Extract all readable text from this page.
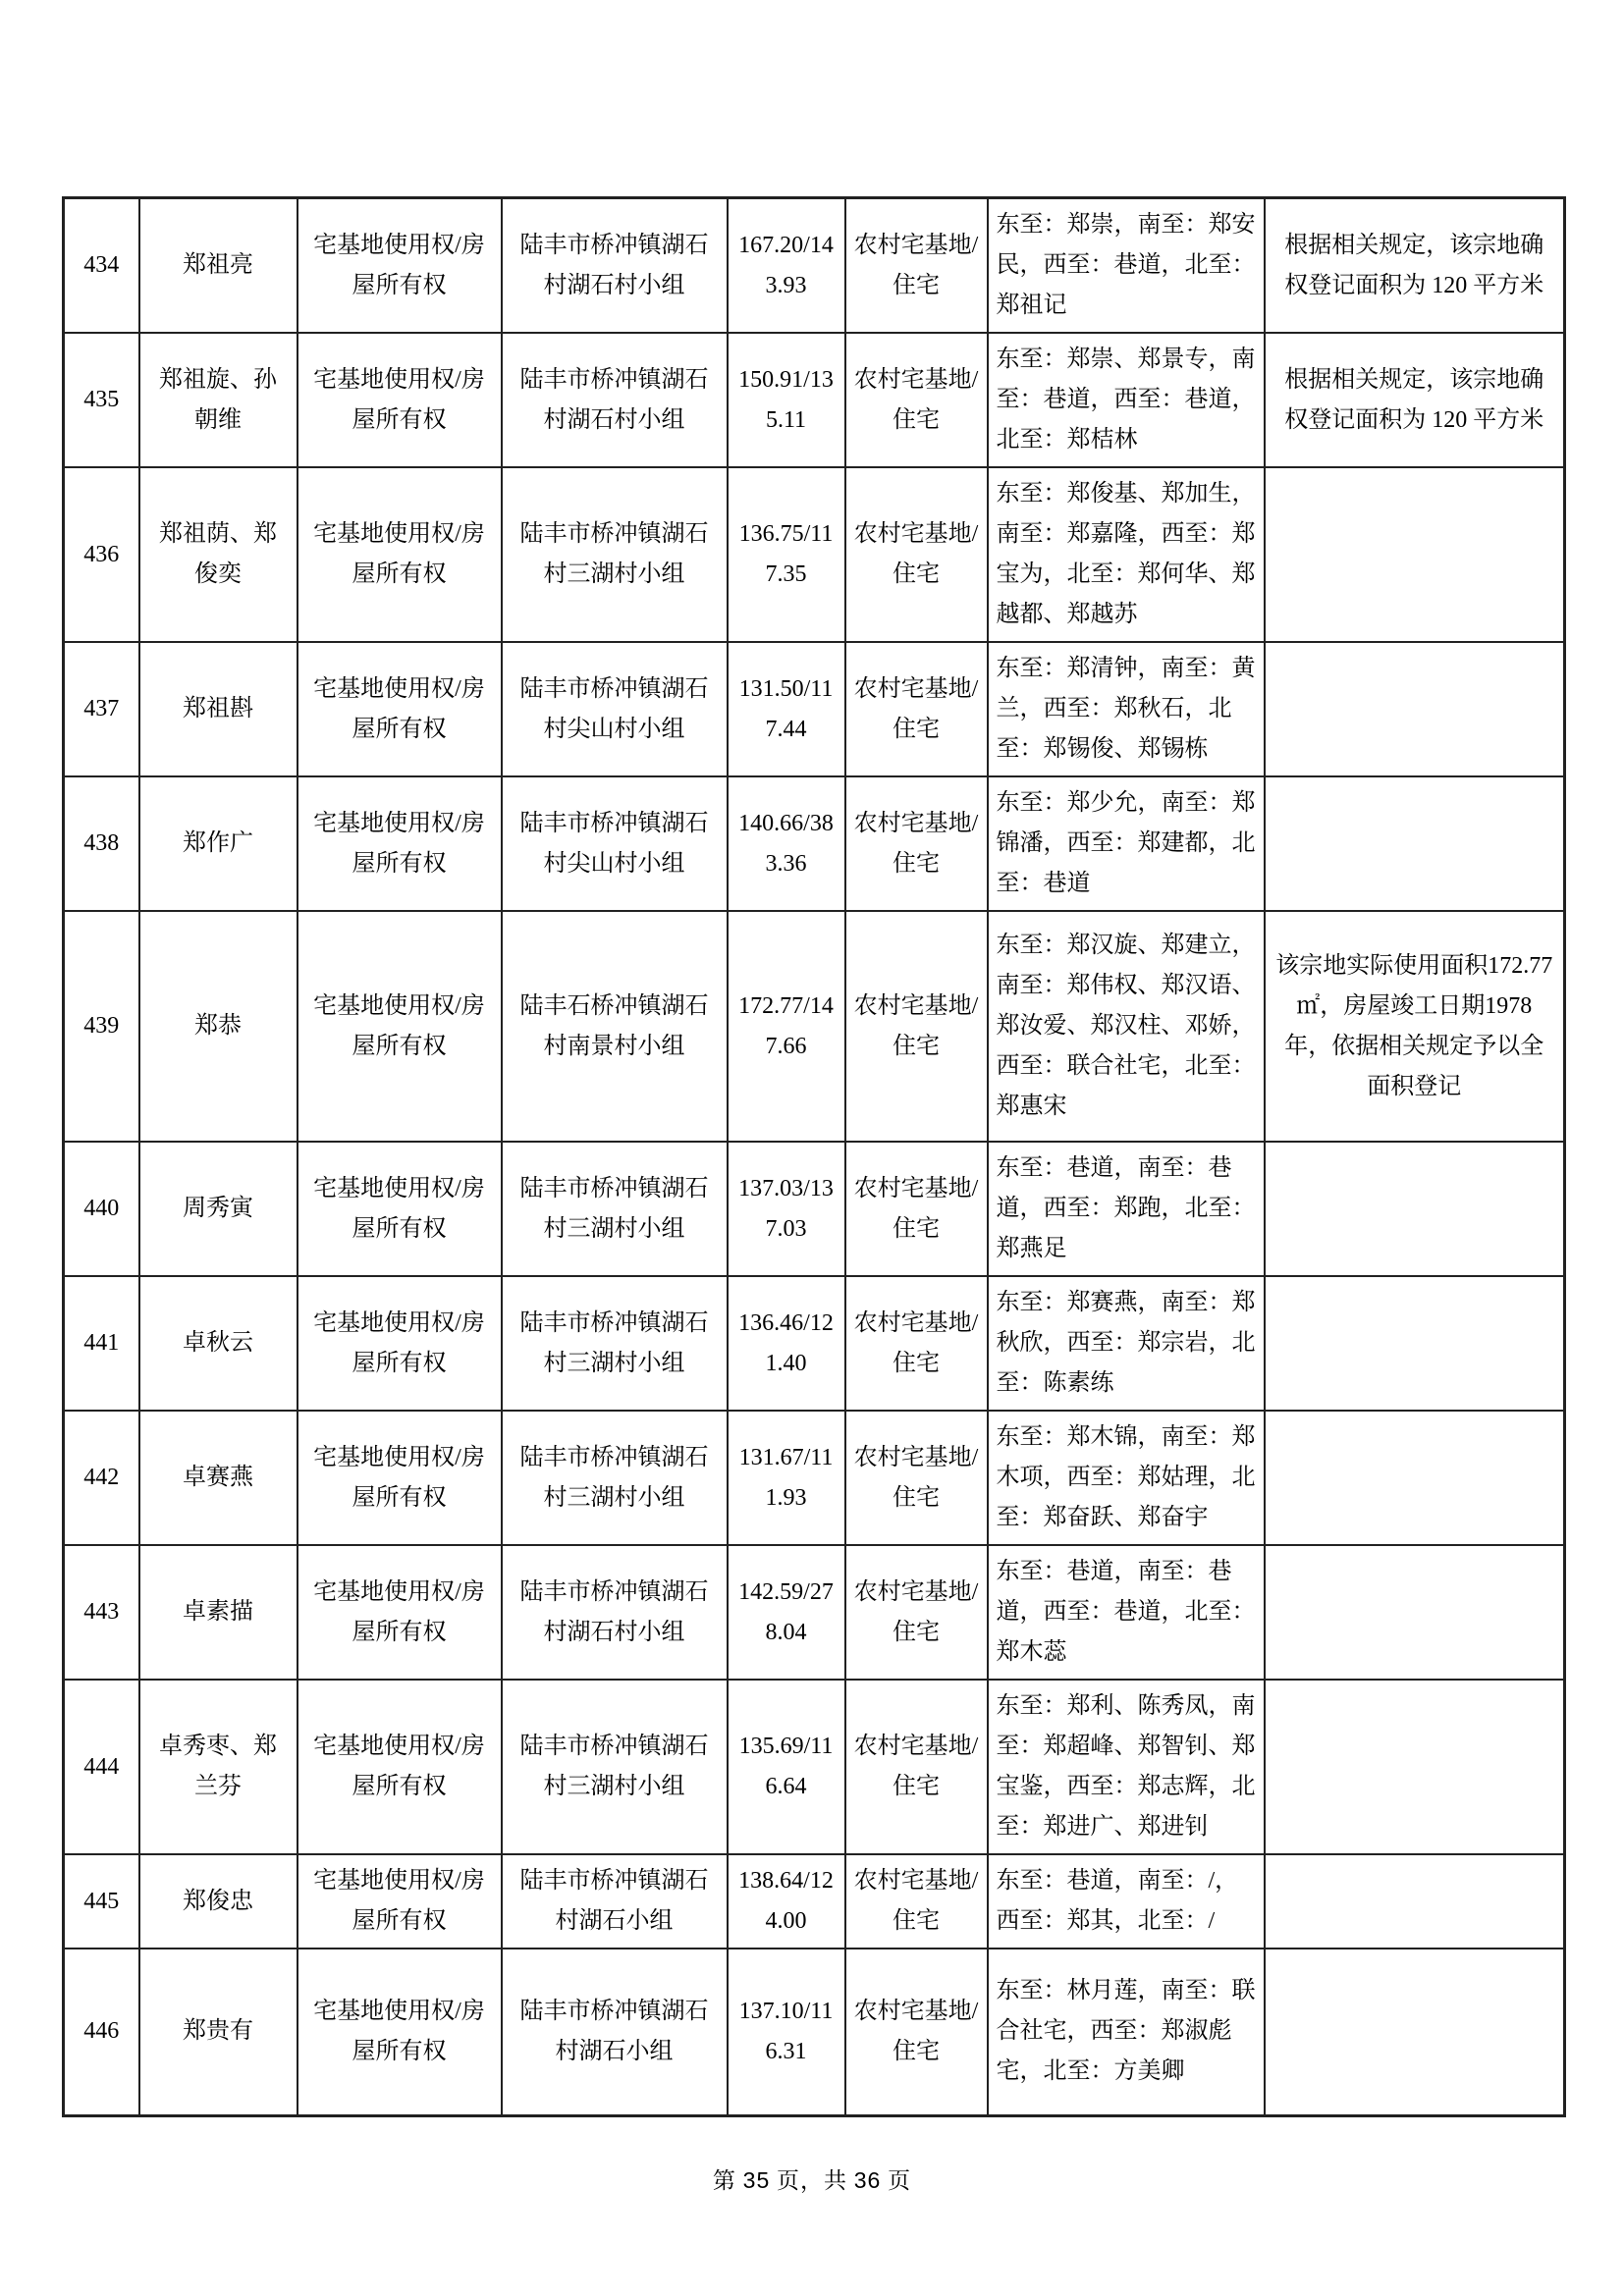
434	郑祖亮	宅基地使用权/房屋所有权	陆丰市桥冲镇湖石村湖石村小组	167.20/143.93	农村宅基地/住宅	东至：郑崇，南至：郑安民，西至：巷道，北至：郑祖记	根据相关规定，该宗地确权登记面积为 120 平方米
435	郑祖旋、孙朝维	宅基地使用权/房屋所有权	陆丰市桥冲镇湖石村湖石村小组	150.91/135.11	农村宅基地/住宅	东至：郑崇、郑景专，南至：巷道，西至：巷道，北至：郑桔林	根据相关规定，该宗地确权登记面积为 120 平方米
436	郑祖荫、郑俊奕	宅基地使用权/房屋所有权	陆丰市桥冲镇湖石村三湖村小组	136.75/117.35	农村宅基地/住宅	东至：郑俊基、郑加生，南至：郑嘉隆，西至：郑宝为，北至：郑何华、郑越都、郑越苏	
437	郑祖斟	宅基地使用权/房屋所有权	陆丰市桥冲镇湖石村尖山村小组	131.50/117.44	农村宅基地/住宅	东至：郑清钟，南至：黄兰，西至：郑秋石，北至：郑锡俊、郑锡栋	
438	郑作广	宅基地使用权/房屋所有权	陆丰市桥冲镇湖石村尖山村小组	140.66/383.36	农村宅基地/住宅	东至：郑少允，南至：郑锦潘，西至：郑建都，北至：巷道	
439	郑恭	宅基地使用权/房屋所有权	陆丰石桥冲镇湖石村南景村小组	172.77/147.66	农村宅基地/住宅	东至：郑汉旋、郑建立，南至：郑伟权、郑汉语、郑汝爱、郑汉柱、邓娇，西至：联合社宅，北至：郑惠宋	该宗地实际使用面积172.77㎡，房屋竣工日期1978年，依据相关规定予以全面积登记
440	周秀寅	宅基地使用权/房屋所有权	陆丰市桥冲镇湖石村三湖村小组	137.03/137.03	农村宅基地/住宅	东至：巷道，南至：巷道，西至：郑跑，北至：郑燕足	
441	卓秋云	宅基地使用权/房屋所有权	陆丰市桥冲镇湖石村三湖村小组	136.46/121.40	农村宅基地/住宅	东至：郑赛燕，南至：郑秋欣，西至：郑宗岩，北至：陈素练	
442	卓赛燕	宅基地使用权/房屋所有权	陆丰市桥冲镇湖石村三湖村小组	131.67/111.93	农村宅基地/住宅	东至：郑木锦，南至：郑木项，西至：郑姑理，北至：郑奋跃、郑奋宇	
443	卓素描	宅基地使用权/房屋所有权	陆丰市桥冲镇湖石村湖石村小组	142.59/278.04	农村宅基地/住宅	东至：巷道，南至：巷道，西至：巷道，北至：郑木蕊	
444	卓秀枣、郑兰芬	宅基地使用权/房屋所有权	陆丰市桥冲镇湖石村三湖村小组	135.69/116.64	农村宅基地/住宅	东至：郑利、陈秀凤，南至：郑超峰、郑智钊、郑宝鉴，西至：郑志辉，北至：郑进广、郑进钊	
445	郑俊忠	宅基地使用权/房屋所有权	陆丰市桥冲镇湖石村湖石小组	138.64/124.00	农村宅基地/住宅	东至：巷道，南至：/，西至：郑其，北至：/	
446	郑贵有	宅基地使用权/房屋所有权	陆丰市桥冲镇湖石村湖石小组	137.10/116.31	农村宅基地/住宅	东至：林月莲，南至：联合社宅，西至：郑淑彪宅，北至：方美卿	
第 35 页，共 36 页
